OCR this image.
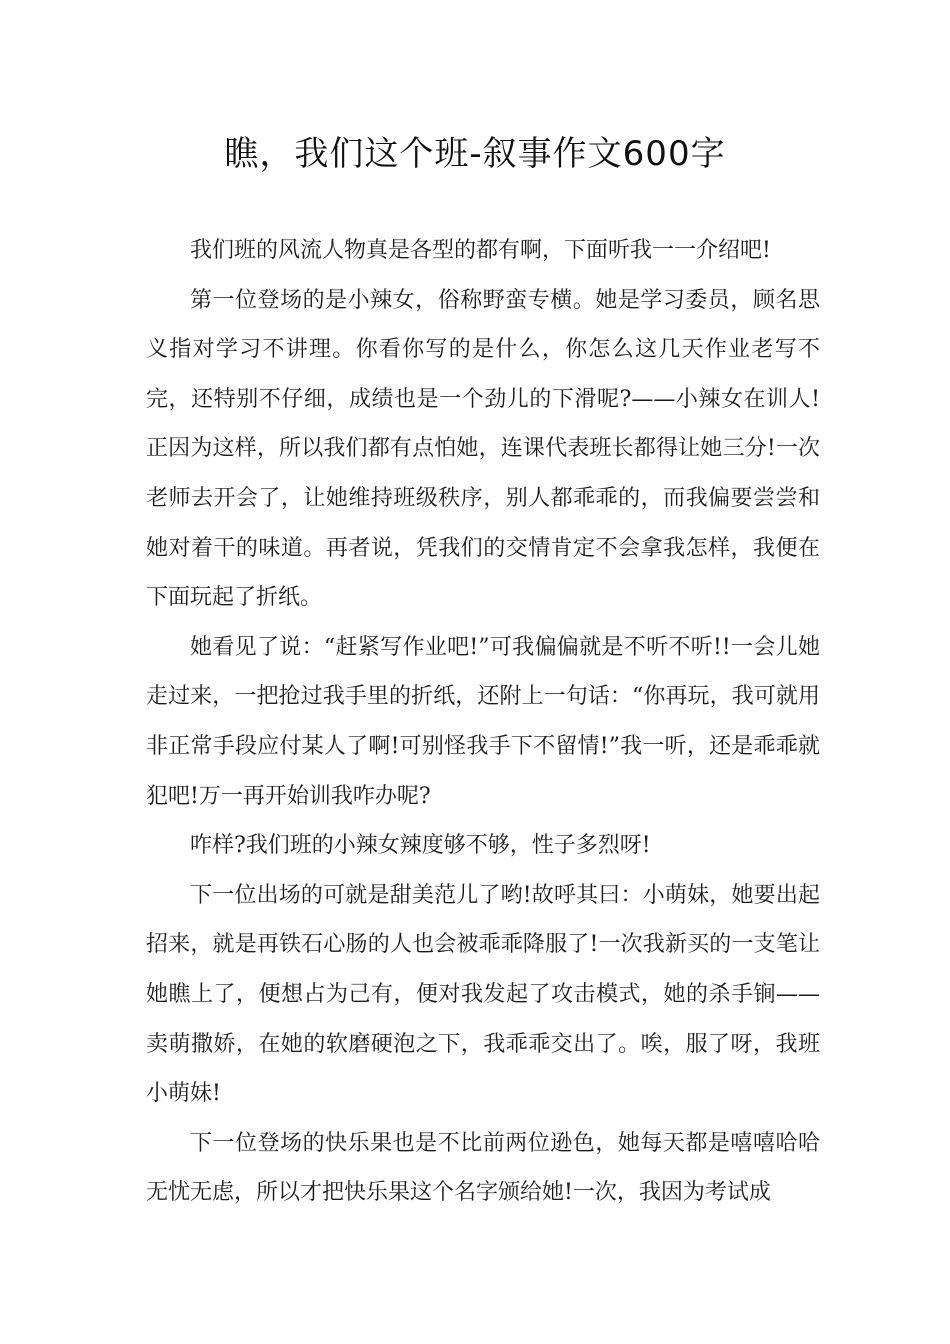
瞧，我们这个班-叙事作文600字

我们班的风流人物真是各型的都有啊，下面听我一一介绍吧!

第一位登场的是小辣女，俗称野蛮专横。她是学习委员，顾名思义指对学习不讲理。你看你写的是什么，你怎么这几天作业老写不完，还特别不仔细，成绩也是一个劲儿的下滑呢?——小辣女在训人!正因为这样，所以我们都有点怕她，连课代表班长都得让她三分!一次老师去开会了，让她维持班级秩序，别人都乖乖的，而我偏要尝尝和她对着干的味道。再者说，凭我们的交情肯定不会拿我怎样，我便在下面玩起了折纸。

她看见了说：“赶紧写作业吧!”可我偏偏就是不听不听!!一会儿她走过来，一把抢过我手里的折纸，还附上一句话：“你再玩，我可就用非正常手段应付某人了啊!可别怪我手下不留情!”我一听，还是乖乖就犯吧!万一再开始训我咋办呢?

咋样?我们班的小辣女辣度够不够，性子多烈呀!

下一位出场的可就是甜美范儿了哟!故呼其曰：小萌妹，她要出起招来，就是再铁石心肠的人也会被乖乖降服了!一次我新买的一支笔让她瞧上了，便想占为己有，便对我发起了攻击模式，她的杀手锏——卖萌撒娇，在她的软磨硬泡之下，我乖乖交出了。唉，服了呀，我班小萌妹!

下一位登场的快乐果也是不比前两位逊色，她每天都是嘻嘻哈哈无忧无虑，所以才把快乐果这个名字颁给她!一次，我因为考试成
